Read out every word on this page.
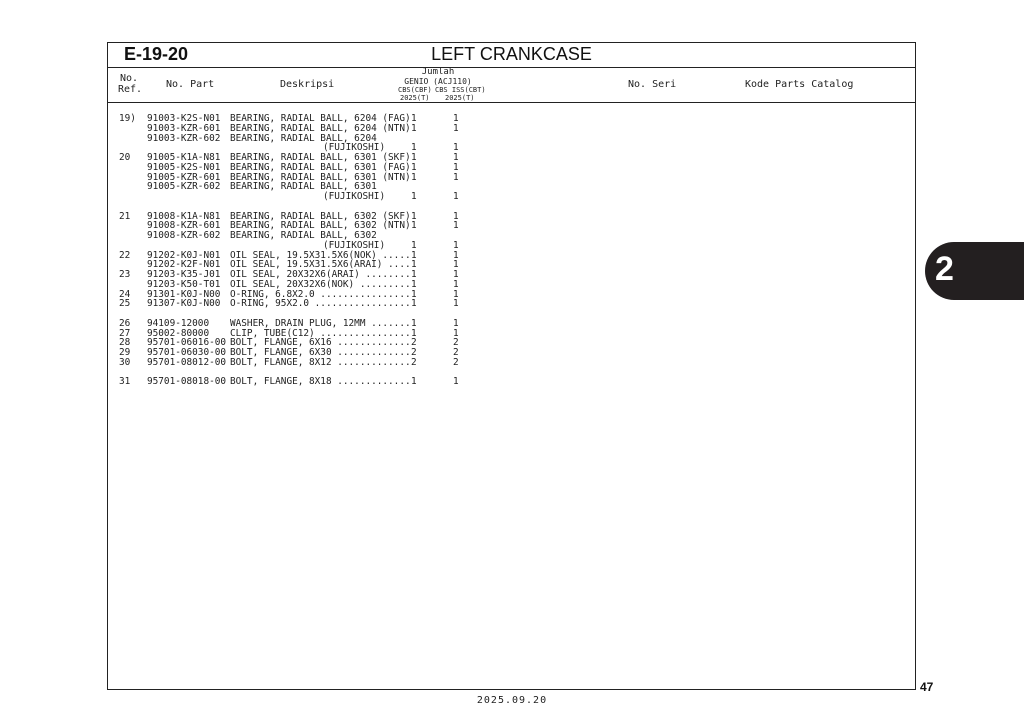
E-19-20	LEFT CRANKCASE
No.
Ref. No. Part	Deskripsi
Jumlah
GENIO (ACJ110)
CBS(CBF) CBS ISS(CBT)
2025(T) 2025(T)
No. Seri	Kode Parts Catalog
19) 91003-K2S-N01 BEARING, RADIAL BALL, 6204 (FAG) 1	1
91003-KZR-601 BEARING, RADIAL BALL, 6204 (NTN) 1	1
91003-KZR-602 BEARING, RADIAL BALL, 6204
(FUJIKOSHI)	1	1
20 91005-K1A-N81 BEARING, RADIAL BALL, 6301 (SKF) 1	1
91005-K2S-N01 BEARING, RADIAL BALL, 6301 (FAG) 1	1
91005-KZR-601 BEARING, RADIAL BALL, 6301 (NTN) 1	1
91005-KZR-602 BEARING, RADIAL BALL, 6301
(FUJIKOSHI)	1	1
21 91008-K1A-N81 BEARING, RADIAL BALL, 6302 (SKF) 1	1
91008-KZR-601 BEARING, RADIAL BALL, 6302 (NTN) 1	1
91008-KZR-602 BEARING, RADIAL BALL, 6302
(FUJIKOSHI)	1	1
22 91202-K0J-N01 OIL SEAL, 19.5X31.5X6(NOK) ..... 1	1
91202-K2F-N01 OIL SEAL, 19.5X31.5X6(ARAI) .... 1	1
23 91203-K35-J01 OIL SEAL, 20X32X6(ARAI) ........ 1	1
91203-K50-T01 OIL SEAL, 20X32X6(NOK) ......... 1	1
24 91301-K0J-N00 O-RING, 6.8X2.0 ................ 1	1
25 91307-K0J-N00 O-RING, 95X2.0 ................. 1	1
26 94109-12000 WASHER, DRAIN PLUG, 12MM ....... 1	1
27 95002-80000 CLIP, TUBE(C12) ................ 1	1
28 95701-06016-00 BOLT, FLANGE, 6X16 ............. 2	2
29 95701-06030-00 BOLT, FLANGE, 6X30 ............. 2	2
30 95701-08012-00 BOLT, FLANGE, 8X12 ............. 2	2
31 95701-08018-00 BOLT, FLANGE, 8X18 ............. 1	1
2
47
2025.09.20
